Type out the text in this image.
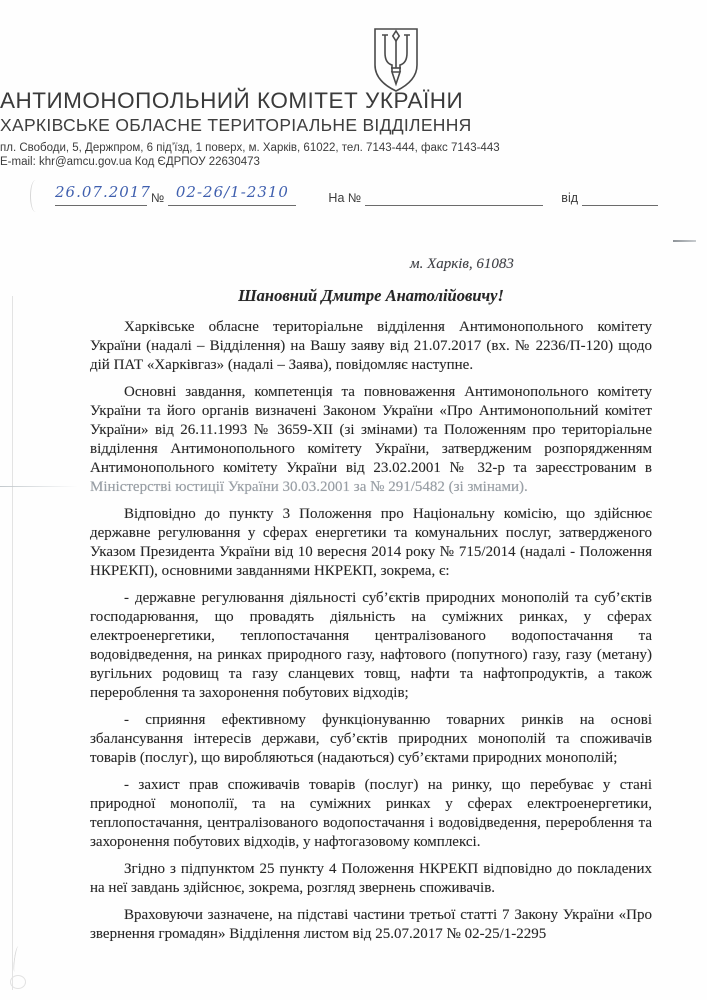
АНТИМОНОПОЛЬНИЙ КОМІТЕТ УКРАЇНИ
ХАРКІВСЬКЕ ОБЛАСНЕ ТЕРИТОРІАЛЬНЕ ВІДДІЛЕННЯ
пл. Свободи, 5, Держпром, 6 під’їзд, 1 поверх, м. Харків, 61022, тел. 7143-444, факс 7143-443
E-mail: khr@amcu.gov.ua Код ЄДРПОУ 22630473
26.07.2017 № 02-26/1-2310	На №	від
м. Харків, 61083
Шановний Дмитре Анатолійовичу!

Харківське обласне територіальне відділення Антимонопольного комітету України (надалі – Відділення) на Вашу заяву від 21.07.2017 (вх. № 2236/П-120) щодо дій ПАТ «Харківгаз» (надалі – Заява), повідомляє наступне.

Основні завдання, компетенція та повноваження Антимонопольного комітету України та його органів визначені Законом України «Про Антимонопольний комітет України» від 26.11.1993 № 3659-XII (зі змінами) та Положенням про територіальне відділення Антимонопольного комітету України, затвердженим розпорядженням Антимонопольного комітету України від 23.02.2001 № 32-р та зареєстрованим в Міністерстві юстиції України 30.03.2001 за № 291/5482 (зі змінами).

Відповідно до пункту 3 Положення про Національну комісію, що здійснює державне регулювання у сферах енергетики та комунальних послуг, затвердженого Указом Президента України від 10 вересня 2014 року № 715/2014 (надалі - Положення НКРЕКП), основними завданнями НКРЕКП, зокрема, є:

- державне регулювання діяльності суб’єктів природних монополій та суб’єктів господарювання, що провадять діяльність на суміжних ринках, у сферах електроенергетики, теплопостачання централізованого водопостачання та водовідведення, на ринках природного газу, нафтового (попутного) газу, газу (метану) вугільних родовищ та газу сланцевих товщ, нафти та нафтопродуктів, а також перероблення та захоронення побутових відходів;

- сприяння ефективному функціонуванню товарних ринків на основі збалансування інтересів держави, суб’єктів природних монополій та споживачів товарів (послуг), що виробляються (надаються) суб’єктами природних монополій;

- захист прав споживачів товарів (послуг) на ринку, що перебуває у стані природної монополії, та на суміжних ринках у сферах електроенергетики, теплопостачання, централізованого водопостачання і водовідведення, перероблення та захоронення побутових відходів, у нафтогазовому комплексі.

Згідно з підпунктом 25 пункту 4 Положення НКРЕКП відповідно до покладених на неї завдань здійснює, зокрема, розгляд звернень споживачів.

Враховуючи зазначене, на підставі частини третьої статті 7 Закону України «Про звернення громадян» Відділення листом від 25.07.2017 № 02-25/1-2295
